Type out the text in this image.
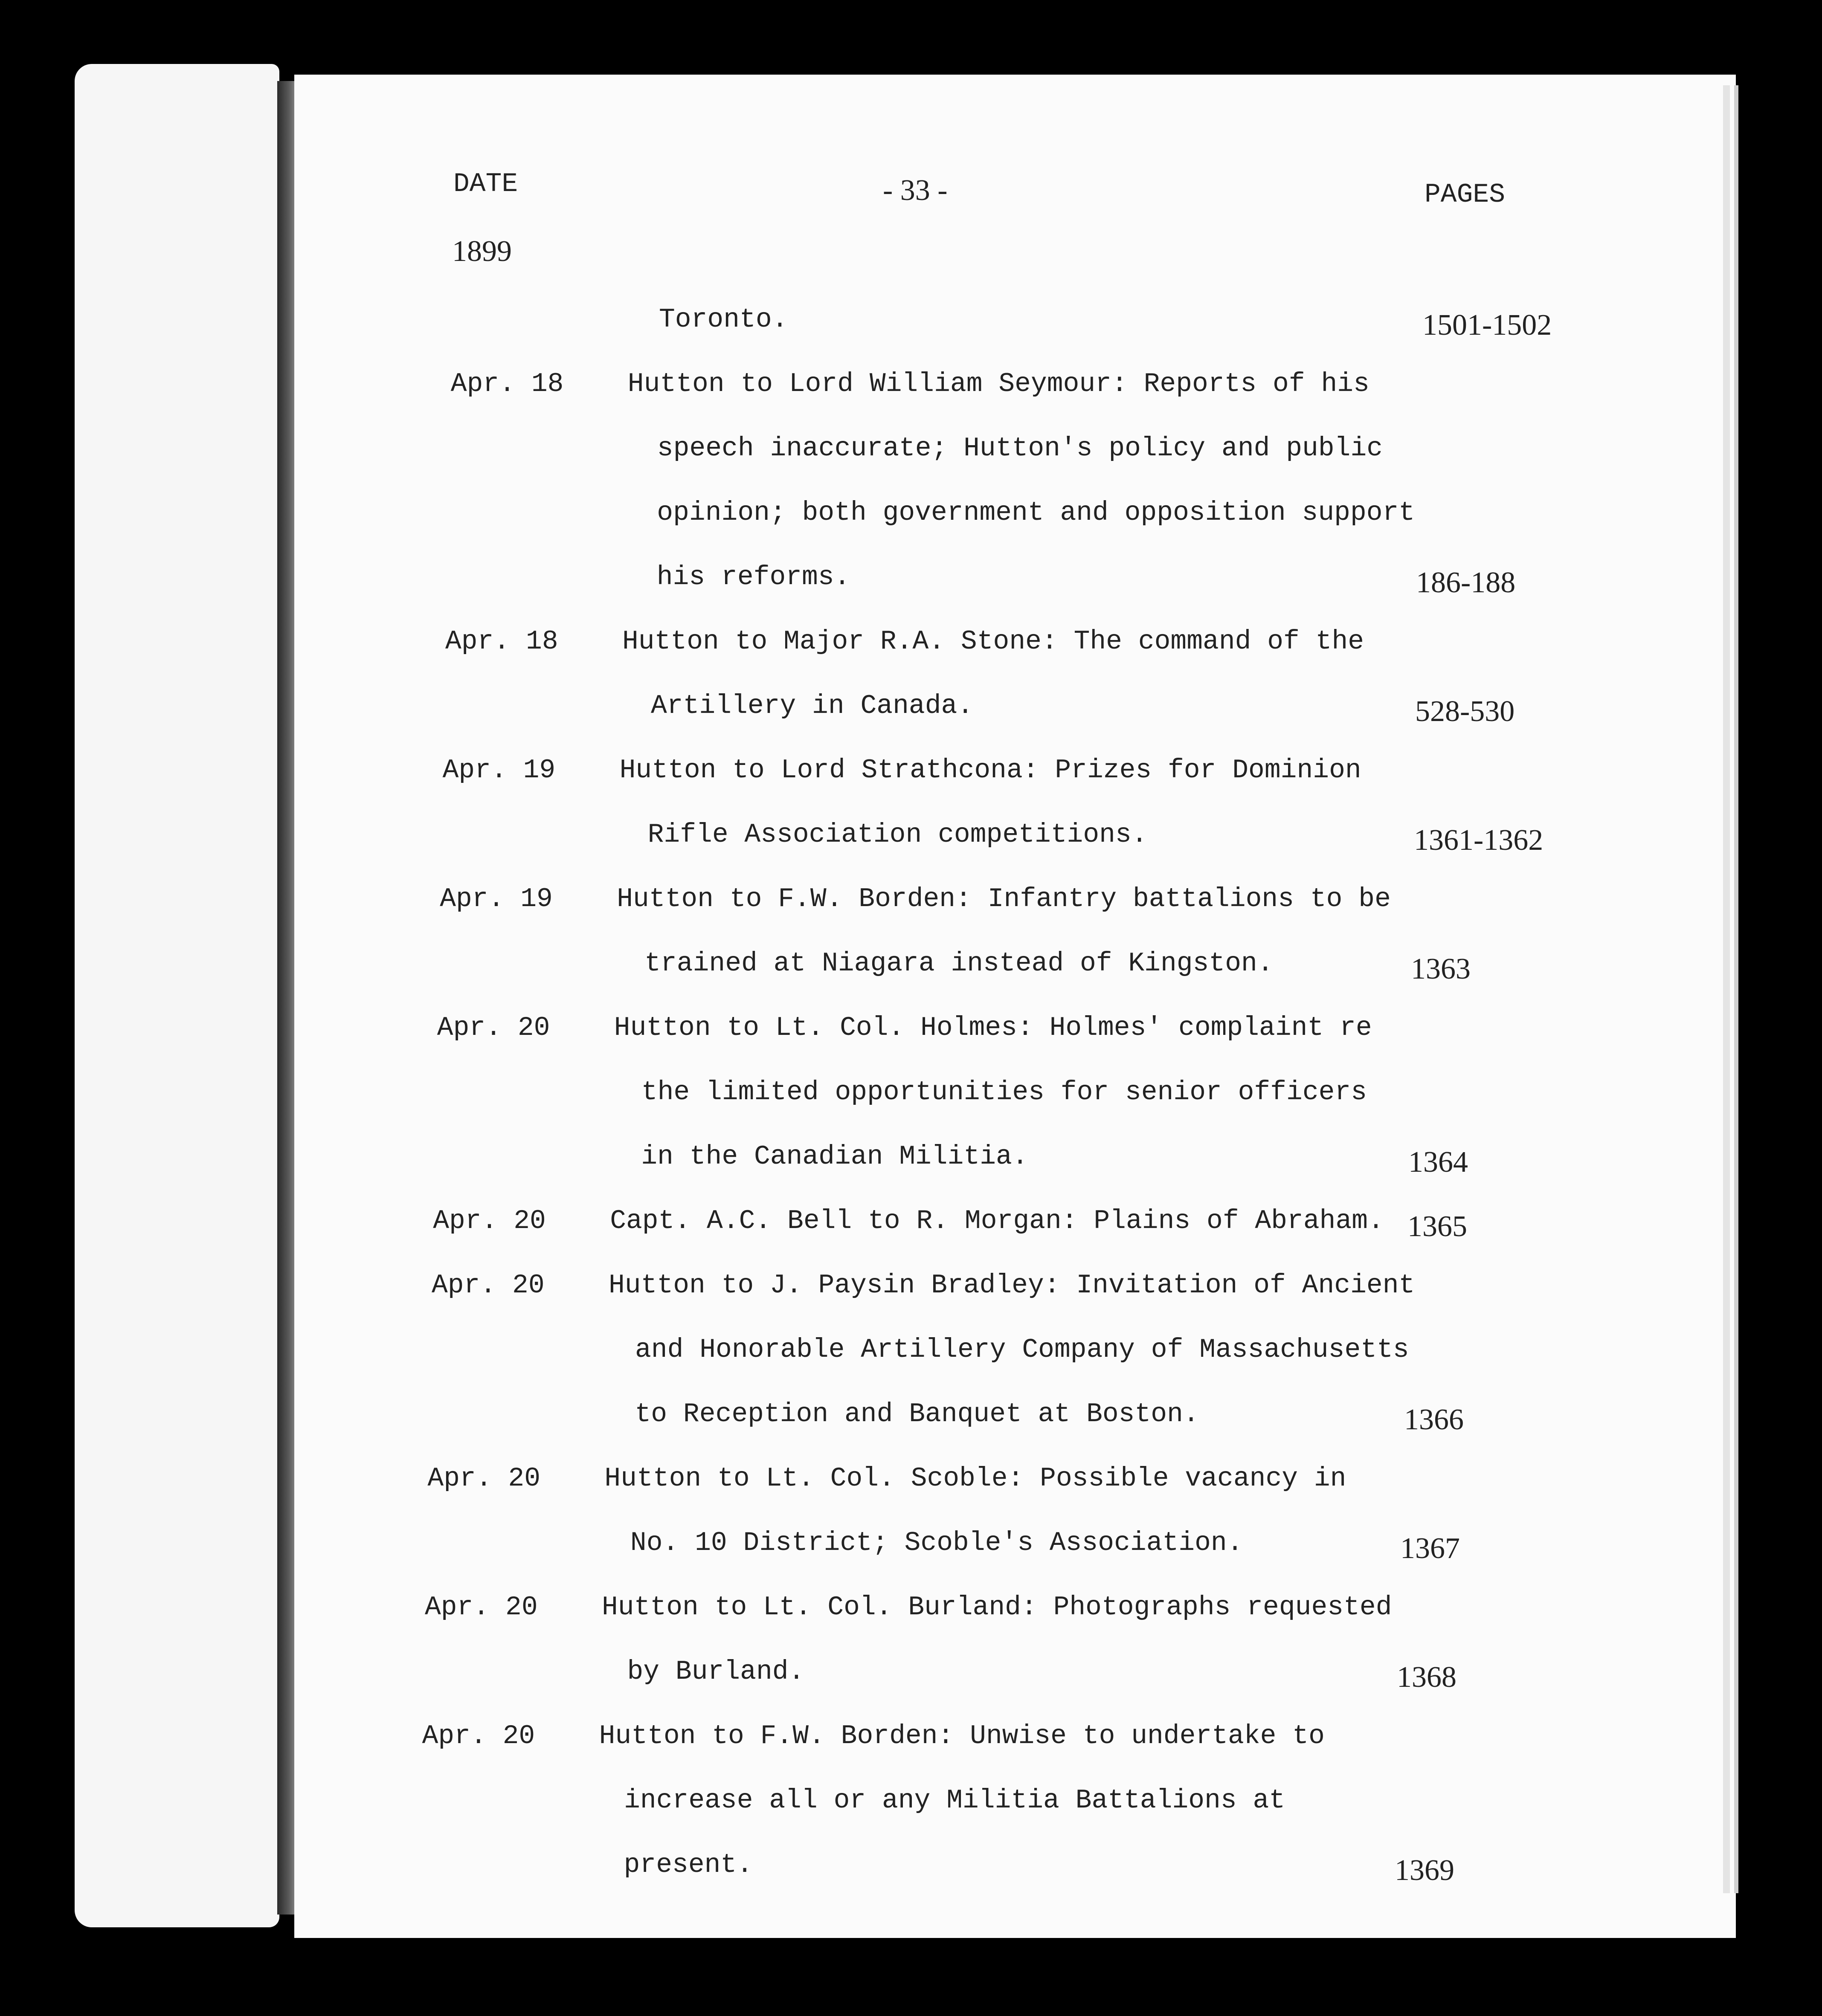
DATE	- 33 -	PAGES
1899
Toronto.	1501-1502
Apr. 18 Hutton to Lord William Seymour: Reports of his
speech inaccurate; Hutton's policy and public
opinion; both government and opposition support
his reforms.	186-188
Apr. 18 Hutton to Major R.A. Stone: The command of the
Artillery in Canada.	528-530
Apr. 19 Hutton to Lord Strathcona: Prizes for Dominion
Rifle Association competitions.	1361-1362
Apr. 19 Hutton to F.W. Borden: Infantry battalions to be
trained at Niagara instead of Kingston.	1363
Apr. 20 Hutton to Lt. Col. Holmes: Holmes' complaint re
the limited opportunities for senior officers
in the Canadian Militia.	1364
Apr. 20 Capt. A.C. Bell to R. Morgan: Plains of Abraham. 1365
Apr. 20 Hutton to J. Paysin Bradley: Invitation of Ancient
and Honorable Artillery Company of Massachusetts
to Reception and Banquet at Boston.	1366
Apr. 20 Hutton to Lt. Col. Scoble: Possible vacancy in
No. 10 District; Scoble's Association.	1367
Apr. 20 Hutton to Lt. Col. Burland: Photographs requested
by Burland.	1368
Apr. 20 Hutton to F.W. Borden: Unwise to undertake to
increase all or any Militia Battalions at
present.	1369
